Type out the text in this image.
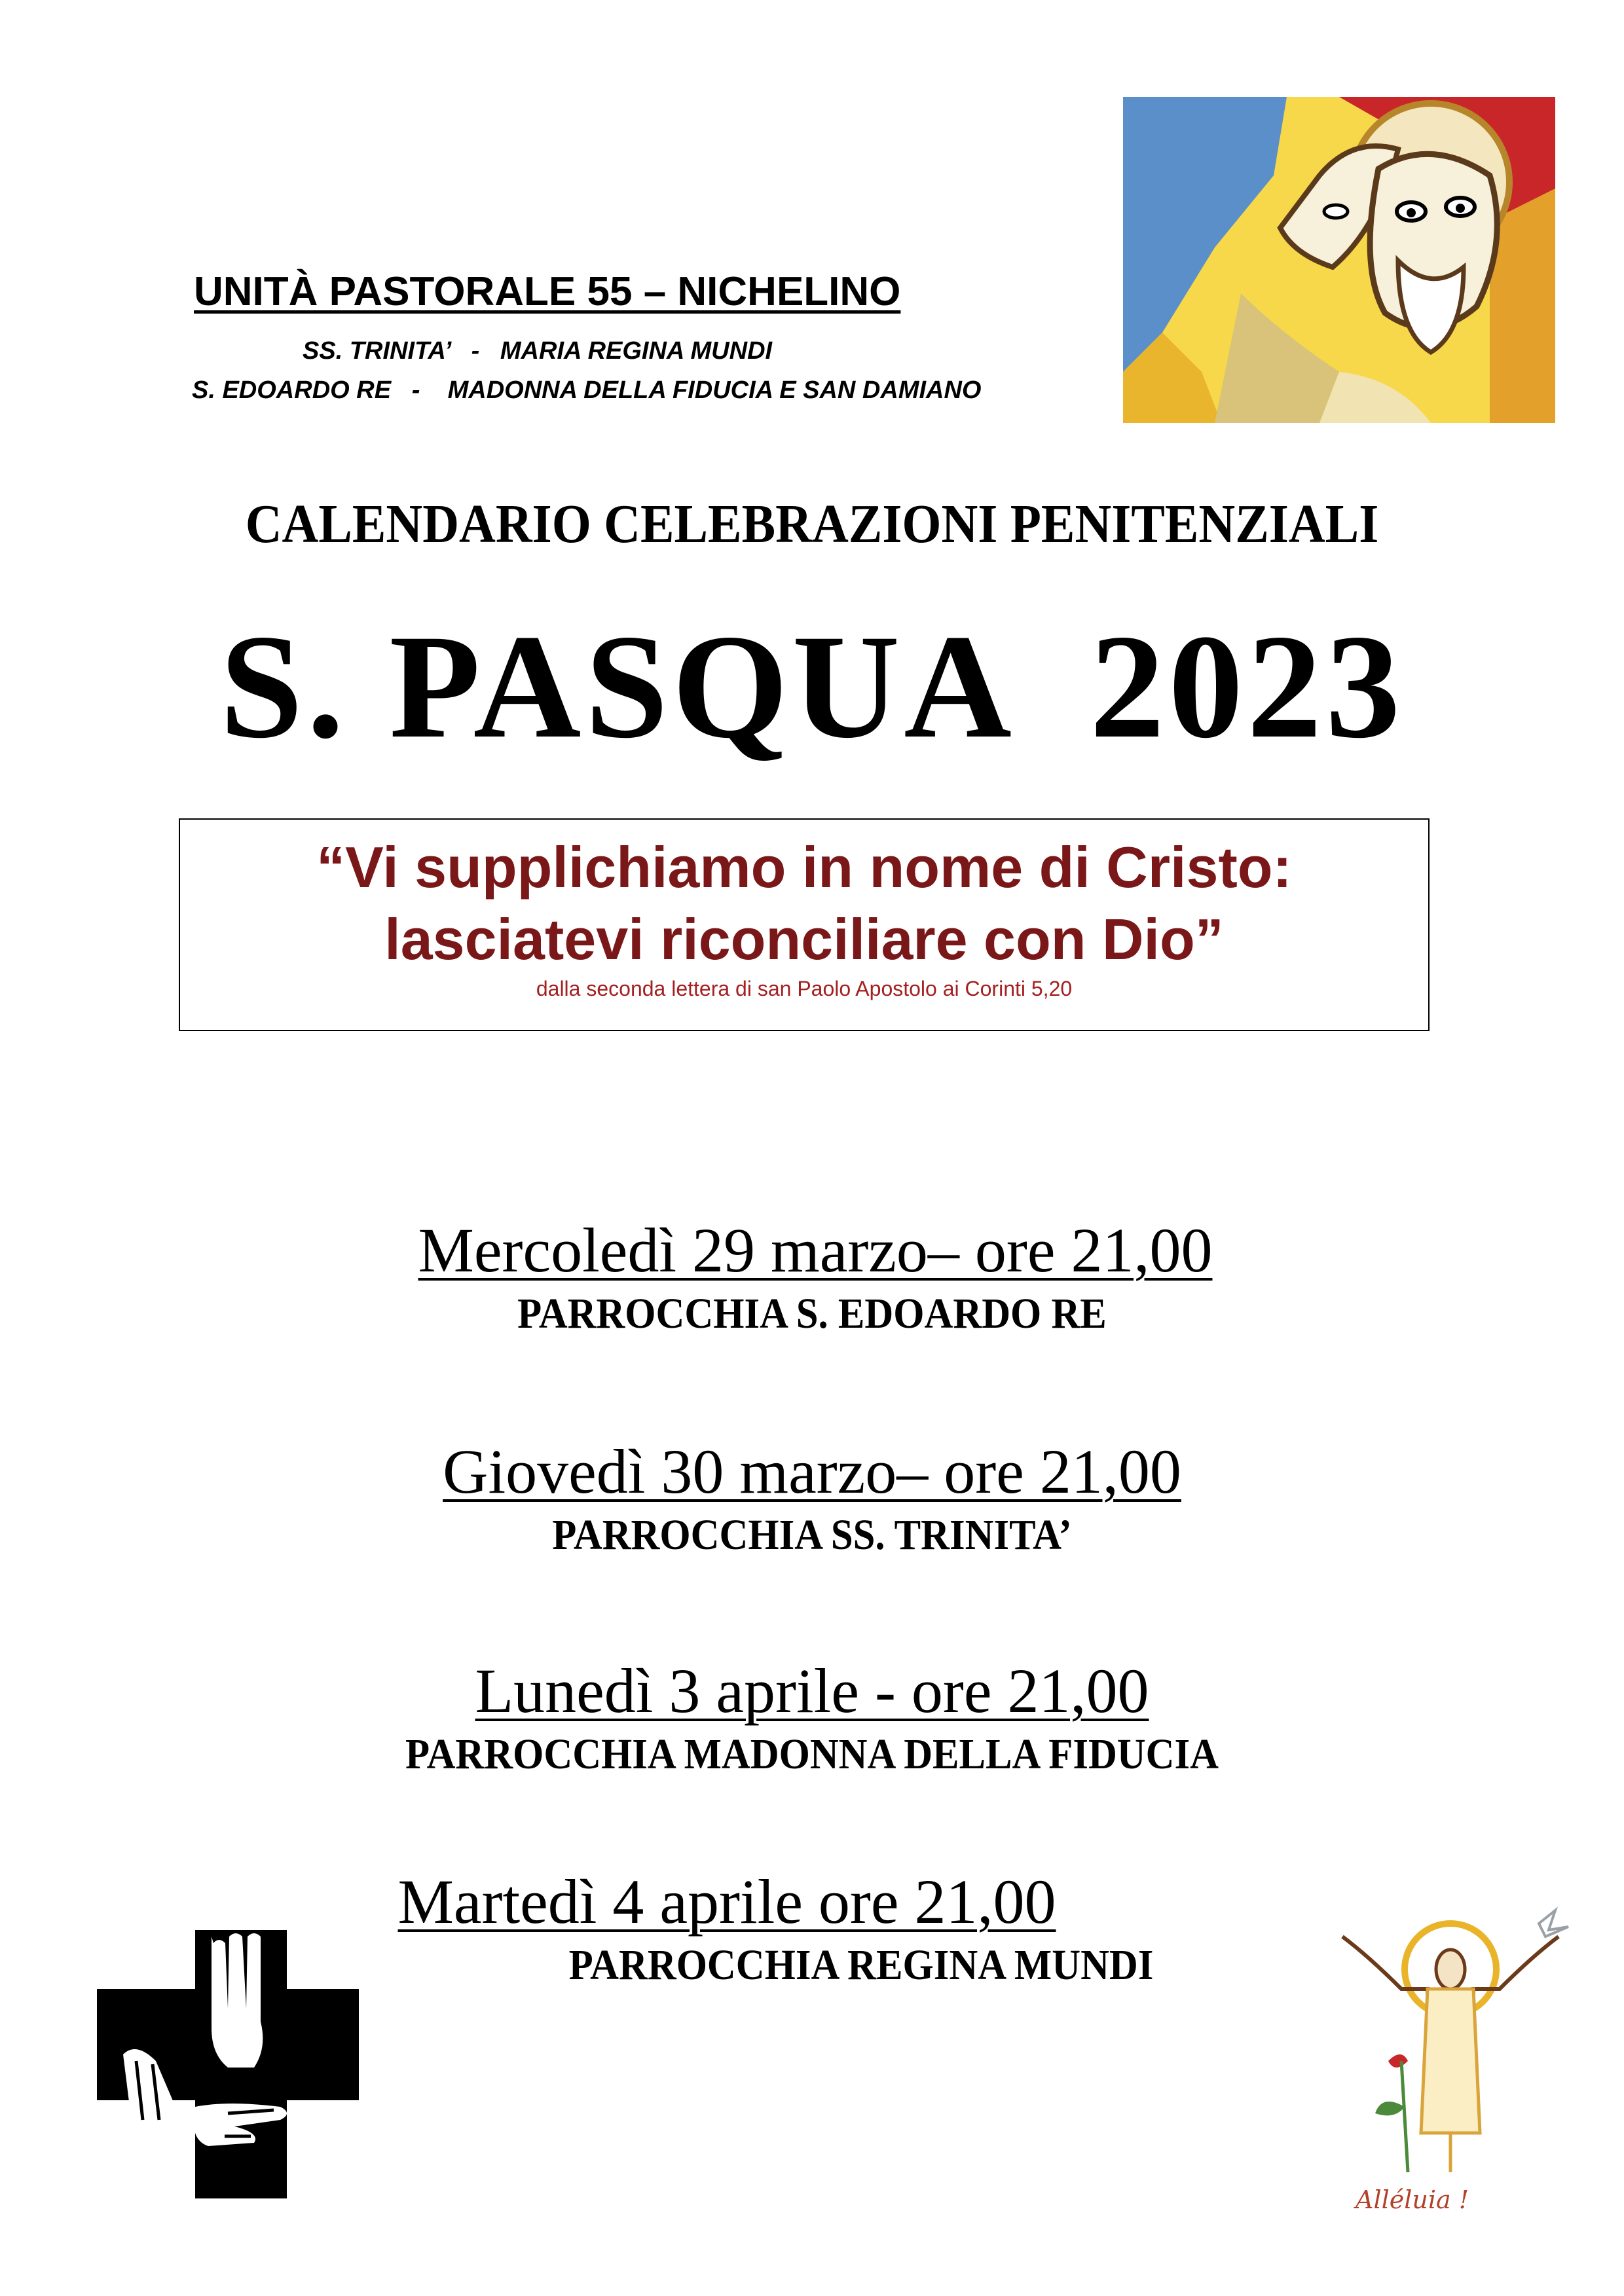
UNITÀ PASTORALE 55 – NICHELINO
SS. TRINITA’   -   MARIA REGINA MUNDI
S. EDOARDO RE   -    MADONNA DELLA FIDUCIA E SAN DAMIANO
CALENDARIO CELEBRAZIONI PENITENZIALI
S. PASQUA  2023
“Vi supplichiamo in nome di Cristo:
lasciatevi riconciliare con Dio”
dalla seconda lettera di san Paolo Apostolo ai Corinti 5,20
Mercoledì 29 marzo– ore 21,00
PARROCCHIA S. EDOARDO RE
Giovedì 30 marzo– ore 21,00
PARROCCHIA SS. TRINITA’
Lunedì 3 aprile - ore 21,00
PARROCCHIA MADONNA DELLA FIDUCIA
Martedì 4 aprile ore 21,00
PARROCCHIA REGINA MUNDI
Alléluia !
